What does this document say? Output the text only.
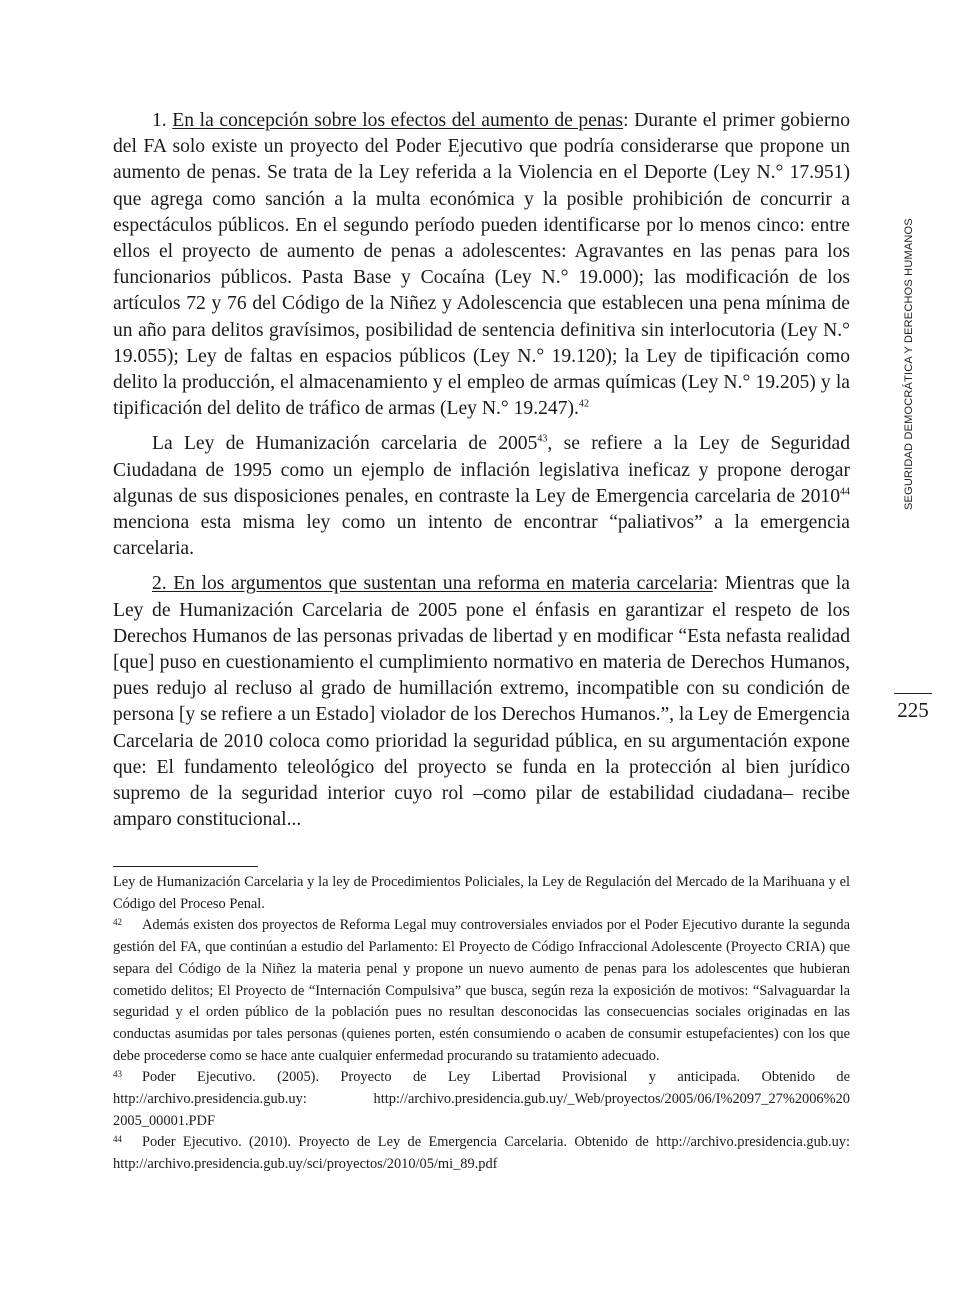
1. En la concepción sobre los efectos del aumento de penas: Durante el primer gobierno del FA solo existe un proyecto del Poder Ejecutivo que podría considerarse que propone un aumento de penas. Se trata de la Ley referida a la Violencia en el Deporte (Ley N.° 17.951) que agrega como sanción a la multa económica y la posible prohibición de concurrir a espectáculos públicos. En el segundo período pueden identificarse por lo menos cinco: entre ellos el proyecto de aumento de penas a adolescentes: Agravantes en las penas para los funcionarios públicos. Pasta Base y Cocaína (Ley N.° 19.000); las modificación de los artículos 72 y 76 del Código de la Niñez y Adolescencia que establecen una pena mínima de un año para delitos gravísimos, posibilidad de sentencia definitiva sin interlocutoria (Ley N.° 19.055); Ley de faltas en espacios públicos (Ley N.° 19.120); la Ley de tipificación como delito la producción, el almacenamiento y el empleo de armas químicas (Ley N.° 19.205) y la tipificación del delito de tráfico de armas (Ley N.° 19.247).$^{42}$

La Ley de Humanización carcelaria de 2005$^{43}$, se refiere a la Ley de Seguridad Ciudadana de 1995 como un ejemplo de inflación legislativa ineficaz y propone derogar algunas de sus disposiciones penales, en contraste la Ley de Emergencia carcelaria de 2010$^{44}$ menciona esta misma ley como un intento de encontrar “paliativos” a la emergencia carcelaria.

2. En los argumentos que sustentan una reforma en materia carcelaria: Mientras que la Ley de Humanización Carcelaria de 2005 pone el énfasis en garantizar el respeto de los Derechos Humanos de las personas privadas de libertad y en modificar “Esta nefasta realidad [que] puso en cuestionamiento el cumplimiento normativo en materia de Derechos Humanos, pues redujo al recluso al grado de humillación extremo, incompatible con su condición de persona [y se refiere a un Estado] violador de los Derechos Humanos.”, la Ley de Emergencia Carcelaria de 2010 coloca como prioridad la seguridad pública, en su argumentación expone que: El fundamento teleológico del proyecto se funda en la protección al bien jurídico supremo de la seguridad interior cuyo rol –como pilar de estabilidad ciudadana– recibe amparo constitucional...

SEGURIDAD DEMOCRÁTICA Y DERECHOS HUMANOS
225

Ley de Humanización Carcelaria y la ley de Procedimientos Policiales, la Ley de Regulación del Mercado de la Marihuana y el Código del Proceso Penal.

42 Además existen dos proyectos de Reforma Legal muy controversiales enviados por el Poder Ejecutivo durante la segunda gestión del FA, que continúan a estudio del Parlamento: El Proyecto de Código Infraccional Adolescente (Proyecto CRIA) que separa del Código de la Niñez la materia penal y propone un nuevo aumento de penas para los adolescentes que hubieran cometido delitos; El Proyecto de “Internación Compulsiva” que busca, según reza la exposición de motivos: “Salvaguardar la seguridad y el orden público de la población pues no resultan desconocidas las consecuencias sociales originadas en las conductas asumidas por tales personas (quienes porten, estén consumiendo o acaben de consumir estupefacientes) con los que debe procederse como se hace ante cualquier enfermedad procurando su tratamiento adecuado.

43 Poder Ejecutivo. (2005). Proyecto de Ley Libertad Provisional y anticipada. Obtenido de http://archivo.presidencia.gub.uy: http://archivo.presidencia.gub.uy/_Web/proyectos/2005/06/I%2097_27%2006%20 2005_00001.PDF

44 Poder Ejecutivo. (2010). Proyecto de Ley de Emergencia Carcelaria. Obtenido de http://archivo.presidencia.gub.uy: http://archivo.presidencia.gub.uy/sci/proyectos/2010/05/mi_89.pdf
